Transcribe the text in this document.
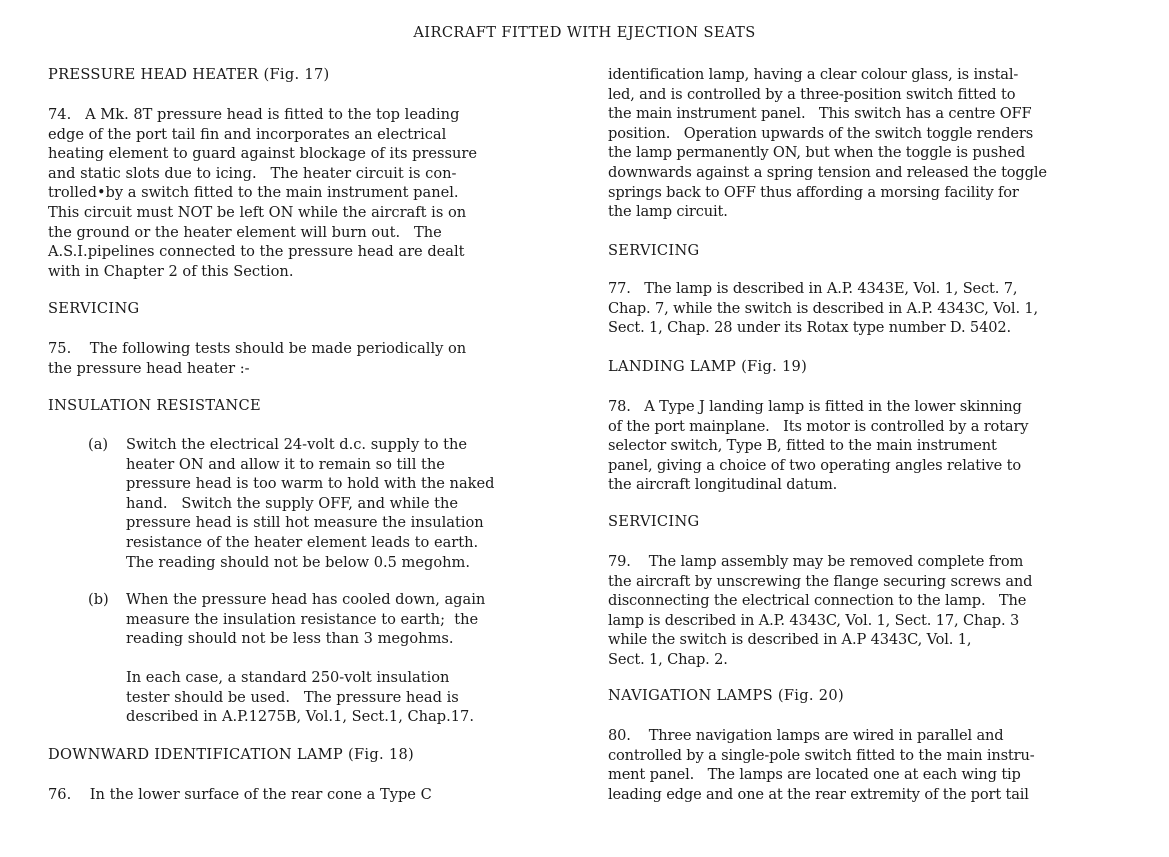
AIRCRAFT FITTED WITH EJECTION SEATS
PRESSURE HEAD HEATER (Fig. 17)

74.   A Mk. 8T pressure head is fitted to the top leading

edge of the port tail fin and incorporates an electrical

heating element to guard against blockage of its pressure

and static slots due to icing.   The heater circuit is con-

trolled•by a switch fitted to the main instrument panel.

This circuit must NOT be left ON while the aircraft is on

the ground or the heater element will burn out.   The

A.S.I.pipelines connected to the pressure head are dealt

with in Chapter 2 of this Section.

SERVICING

75.    The following tests should be made periodically on

the pressure head heater :-

INSULATION RESISTANCE
(a) Switch the electrical 24-volt d.c. supply to the

heater ON and allow it to remain so till the

pressure head is too warm to hold with the naked

hand.   Switch the supply OFF, and while the

pressure head is still hot measure the insulation

resistance of the heater element leads to earth.

The reading should not be below 0.5 megohm.

(b) When the pressure head has cooled down, again

measure the insulation resistance to earth;  the

reading should not be less than 3 megohms.

In each case, a standard 250-volt insulation

tester should be used.   The pressure head is

described in A.P.1275B, Vol.1, Sect.1, Chap.17.

DOWNWARD IDENTIFICATION LAMP (Fig. 18)

76.    In the lower surface of the rear cone a Type C

identification lamp, having a clear colour glass, is instal-

led, and is controlled by a three-position switch fitted to

the main instrument panel.   This switch has a centre OFF

position.   Operation upwards of the switch toggle renders

the lamp permanently ON, but when the toggle is pushed

downwards against a spring tension and released the toggle

springs back to OFF thus affording a morsing facility for

the lamp circuit.

SERVICING

77.   The lamp is described in A.P. 4343E, Vol. 1, Sect. 7,

Chap. 7, while the switch is described in A.P. 4343C, Vol. 1,

Sect. 1, Chap. 28 under its Rotax type number D. 5402.

LANDING LAMP (Fig. 19)

78.   A Type J landing lamp is fitted in the lower skinning

of the port mainplane.   Its motor is controlled by a rotary

selector switch, Type B, fitted to the main instrument

panel, giving a choice of two operating angles relative to

the aircraft longitudinal datum.

SERVICING

79.    The lamp assembly may be removed complete from

the aircraft by unscrewing the flange securing screws and

disconnecting the electrical connection to the lamp.   The

lamp is described in A.P. 4343C, Vol. 1, Sect. 17, Chap. 3

while the switch is described in A.P 4343C, Vol. 1,

Sect. 1, Chap. 2.

NAVIGATION LAMPS (Fig. 20)

80.    Three navigation lamps are wired in parallel and

controlled by a single-pole switch fitted to the main instru-

ment panel.   The lamps are located one at each wing tip

leading edge and one at the rear extremity of the port tail
